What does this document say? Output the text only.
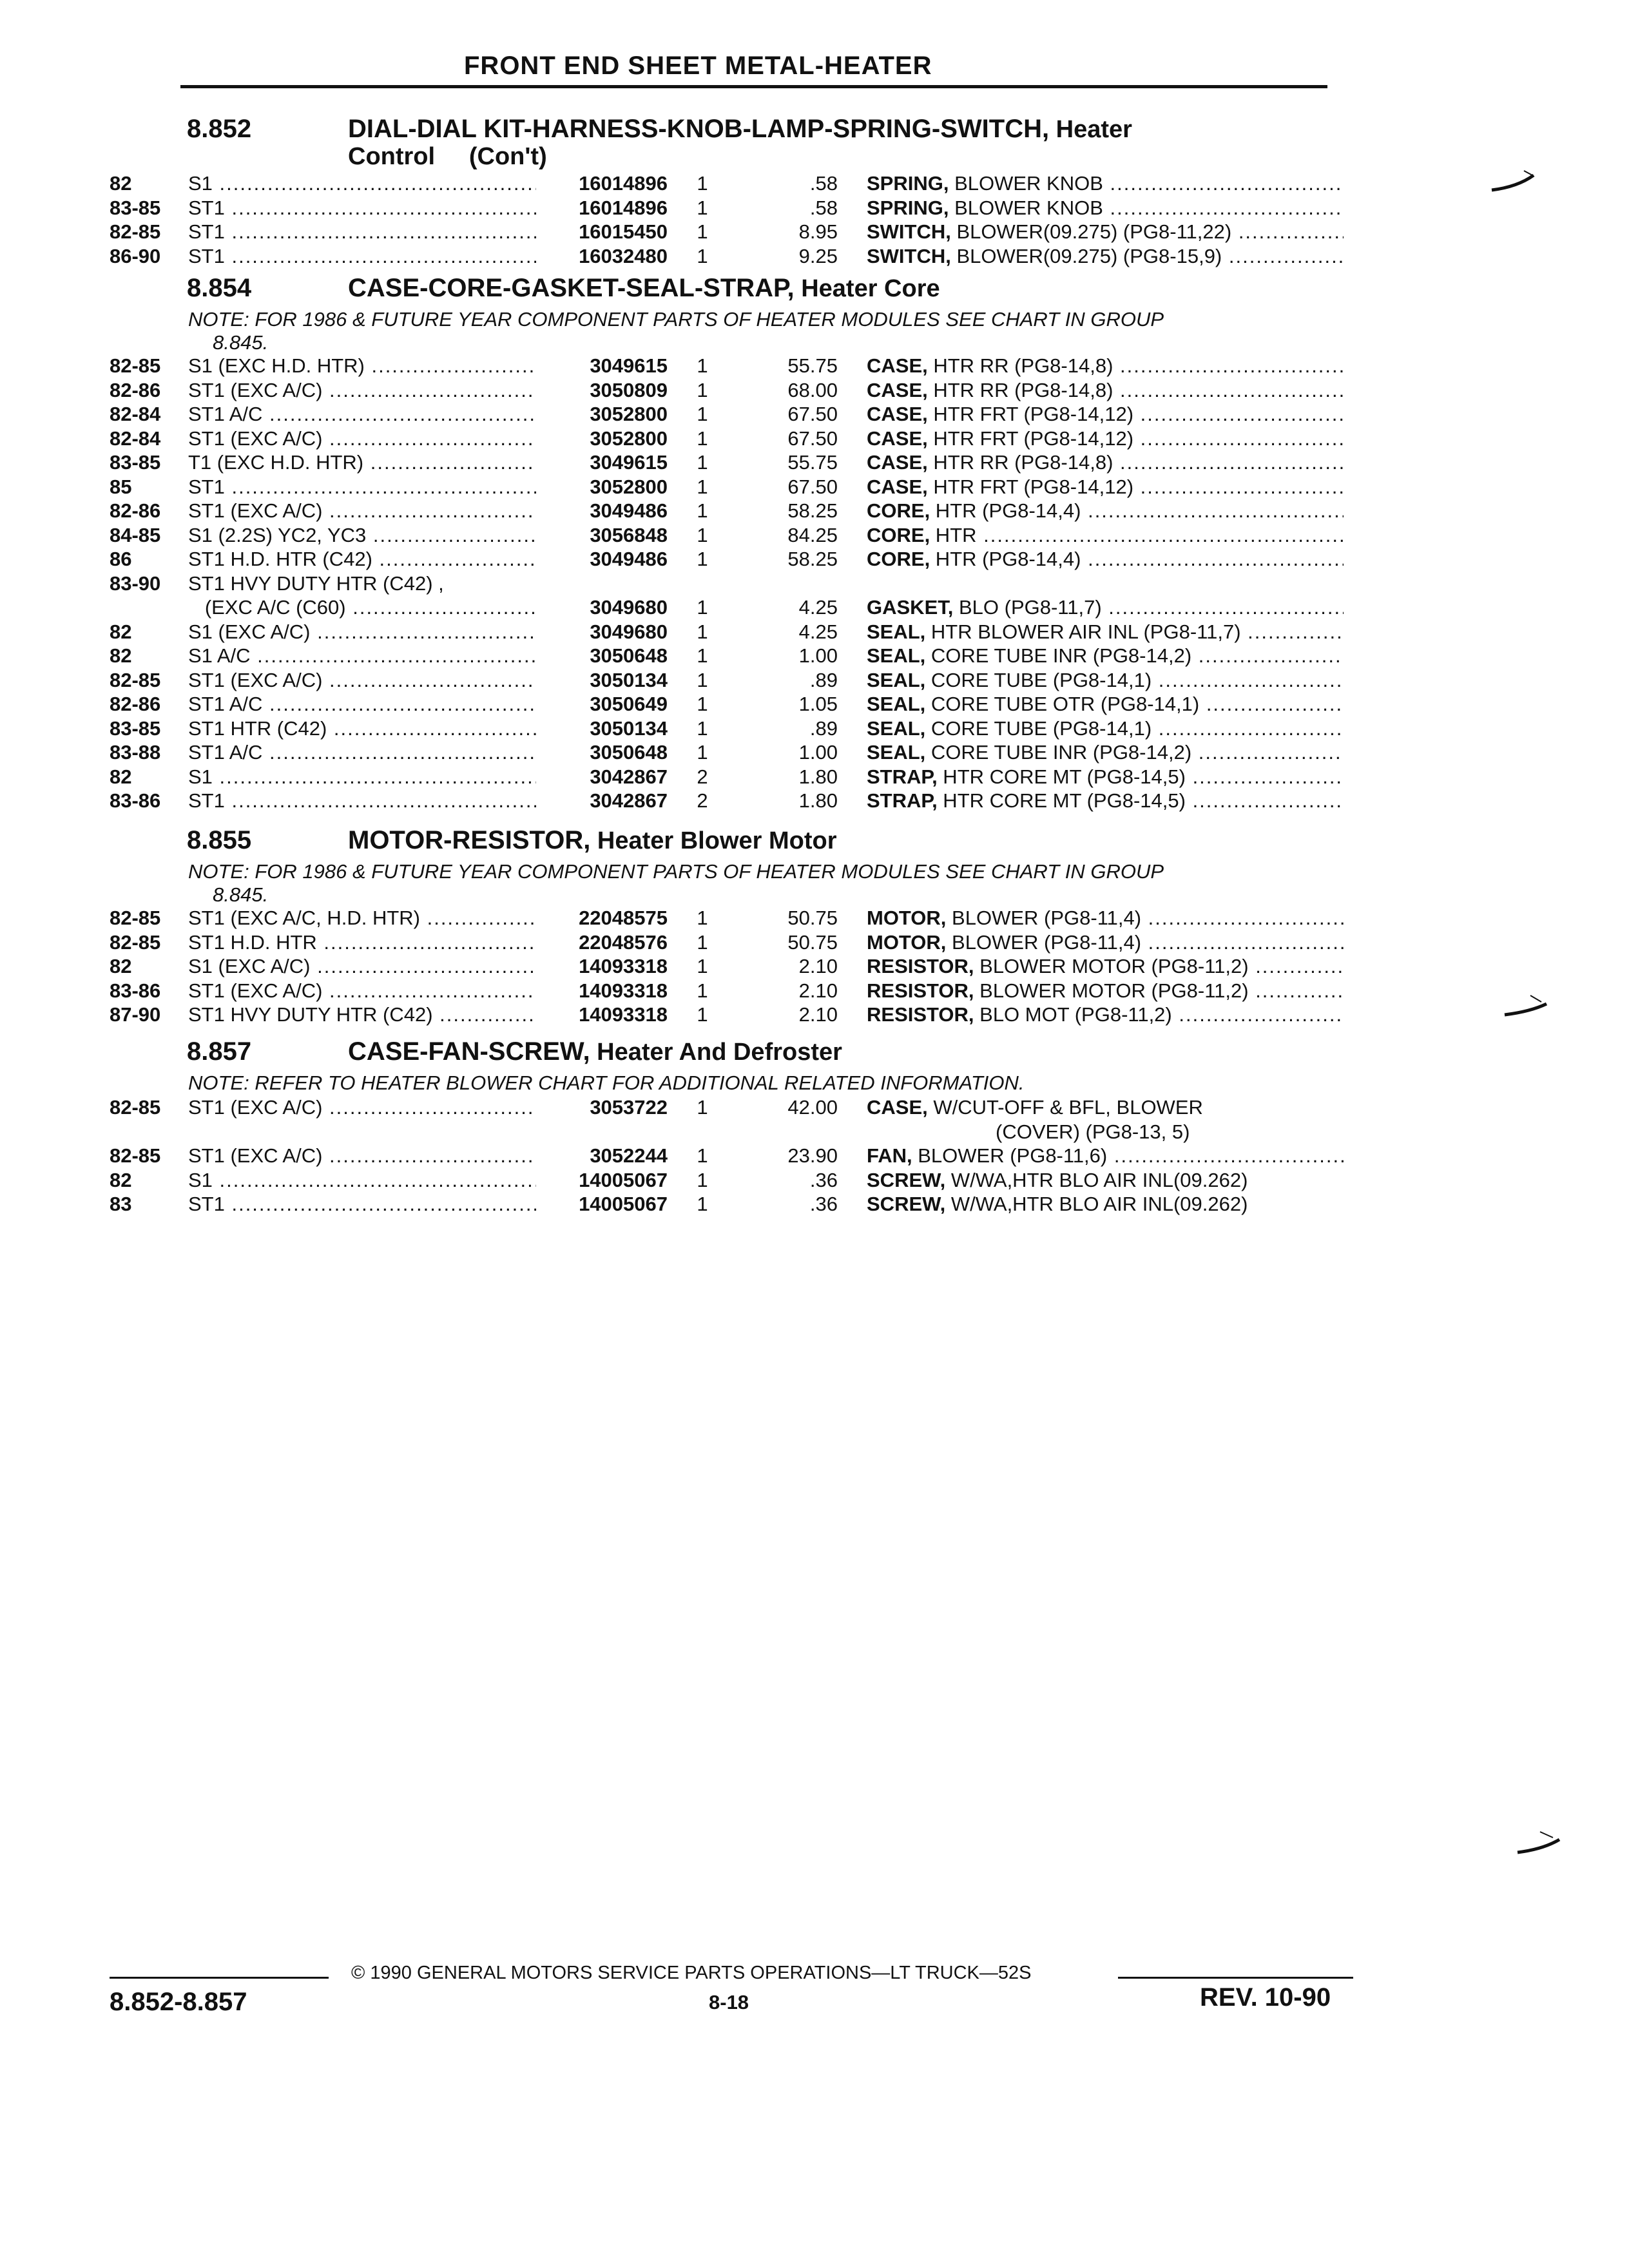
FRONT END SHEET METAL-HEATER
8.852	DIAL-DIAL KIT-HARNESS-KNOB-LAMP-SPRING-SWITCH, Heater
Control     (Con't)
82	S1 .....	16014896	1	.58 SPRING, BLOWER KNOB .....
83-85 ST1 .....	16014896	1	.58 SPRING, BLOWER KNOB .....
82-85 ST1 .....	16015450	1	8.95 SWITCH, BLOWER(09.275) (PG8-11,22) .....
86-90 ST1 .....	16032480	1	9.25 SWITCH, BLOWER(09.275) (PG8-15,9) .....
8.854	CASE-CORE-GASKET-SEAL-STRAP, Heater Core
NOTE: FOR 1986 & FUTURE YEAR COMPONENT PARTS OF HEATER MODULES SEE CHART IN GROUP
8.845.
82-85 S1 (EXC H.D. HTR) .....	3049615	1	55.75 CASE, HTR RR (PG8-14,8) .....
82-86 ST1 (EXC A/C) .....	3050809	1	68.00 CASE, HTR RR (PG8-14,8) .....
82-84 ST1 A/C .....	3052800	1	67.50 CASE, HTR FRT (PG8-14,12) .....
82-84 ST1 (EXC A/C) .....	3052800	1	67.50 CASE, HTR FRT (PG8-14,12) .....
83-85 T1 (EXC H.D. HTR) .....	3049615	1	55.75 CASE, HTR RR (PG8-14,8) .....
85	ST1 .....	3052800	1	67.50 CASE, HTR FRT (PG8-14,12) .....
82-86 ST1 (EXC A/C) .....	3049486	1	58.25 CORE, HTR (PG8-14,4) .....
84-85 S1 (2.2S) YC2, YC3 .....	3056848	1	84.25 CORE, HTR .....
86	ST1 H.D. HTR (C42) .....	3049486	1	58.25 CORE, HTR (PG8-14,4) .....
83-90 ST1 HVY DUTY HTR (C42) ,
(EXC A/C (C60) .....	3049680	1	4.25 GASKET, BLO (PG8-11,7) .....
82	S1 (EXC A/C) .....	3049680	1	4.25 SEAL, HTR BLOWER AIR INL (PG8-11,7) .....
82	S1 A/C .....	3050648	1	1.00 SEAL, CORE TUBE INR (PG8-14,2) .....
82-85 ST1 (EXC A/C) .....	3050134	1	.89 SEAL, CORE TUBE (PG8-14,1) .....
82-86 ST1 A/C .....	3050649	1	1.05 SEAL, CORE TUBE OTR (PG8-14,1) .....
83-85 ST1 HTR (C42) .....	3050134	1	.89 SEAL, CORE TUBE (PG8-14,1) .....
83-88 ST1 A/C .....	3050648	1	1.00 SEAL, CORE TUBE INR (PG8-14,2) .....
82	S1 .....	3042867	2	1.80 STRAP, HTR CORE MT (PG8-14,5) .....
83-86 ST1 .....	3042867	2	1.80 STRAP, HTR CORE MT (PG8-14,5) .....
8.855	MOTOR-RESISTOR, Heater Blower Motor
NOTE: FOR 1986 & FUTURE YEAR COMPONENT PARTS OF HEATER MODULES SEE CHART IN GROUP
8.845.
82-85 ST1 (EXC A/C, H.D. HTR) .....	22048575	1	50.75 MOTOR, BLOWER (PG8-11,4) .....
82-85 ST1 H.D. HTR .....	22048576	1	50.75 MOTOR, BLOWER (PG8-11,4) .....
82	S1 (EXC A/C) .....	14093318	1	2.10 RESISTOR, BLOWER MOTOR (PG8-11,2) .....
83-86 ST1 (EXC A/C) .....	14093318	1	2.10 RESISTOR, BLOWER MOTOR (PG8-11,2) .....
87-90 ST1 HVY DUTY HTR (C42) .....	14093318	1	2.10 RESISTOR, BLO MOT (PG8-11,2) .....
8.857	CASE-FAN-SCREW, Heater And Defroster
NOTE: REFER TO HEATER BLOWER CHART FOR ADDITIONAL RELATED INFORMATION.
82-85 ST1 (EXC A/C) .....	3053722	1	42.00 CASE, W/CUT-OFF & BFL, BLOWER
(COVER) (PG8-13, 5)
82-85 ST1 (EXC A/C) .....	3052244	1	23.90 FAN, BLOWER (PG8-11,6) .....
82	S1 .....	14005067	1	.36 SCREW, W/WA,HTR BLO AIR INL(09.262)
83	ST1 .....	14005067	1	.36 SCREW, W/WA,HTR BLO AIR INL(09.262)
© 1990 GENERAL MOTORS SERVICE PARTS OPERATIONS—LT TRUCK—52S
8.852-8.857	8-18	REV. 10-90
